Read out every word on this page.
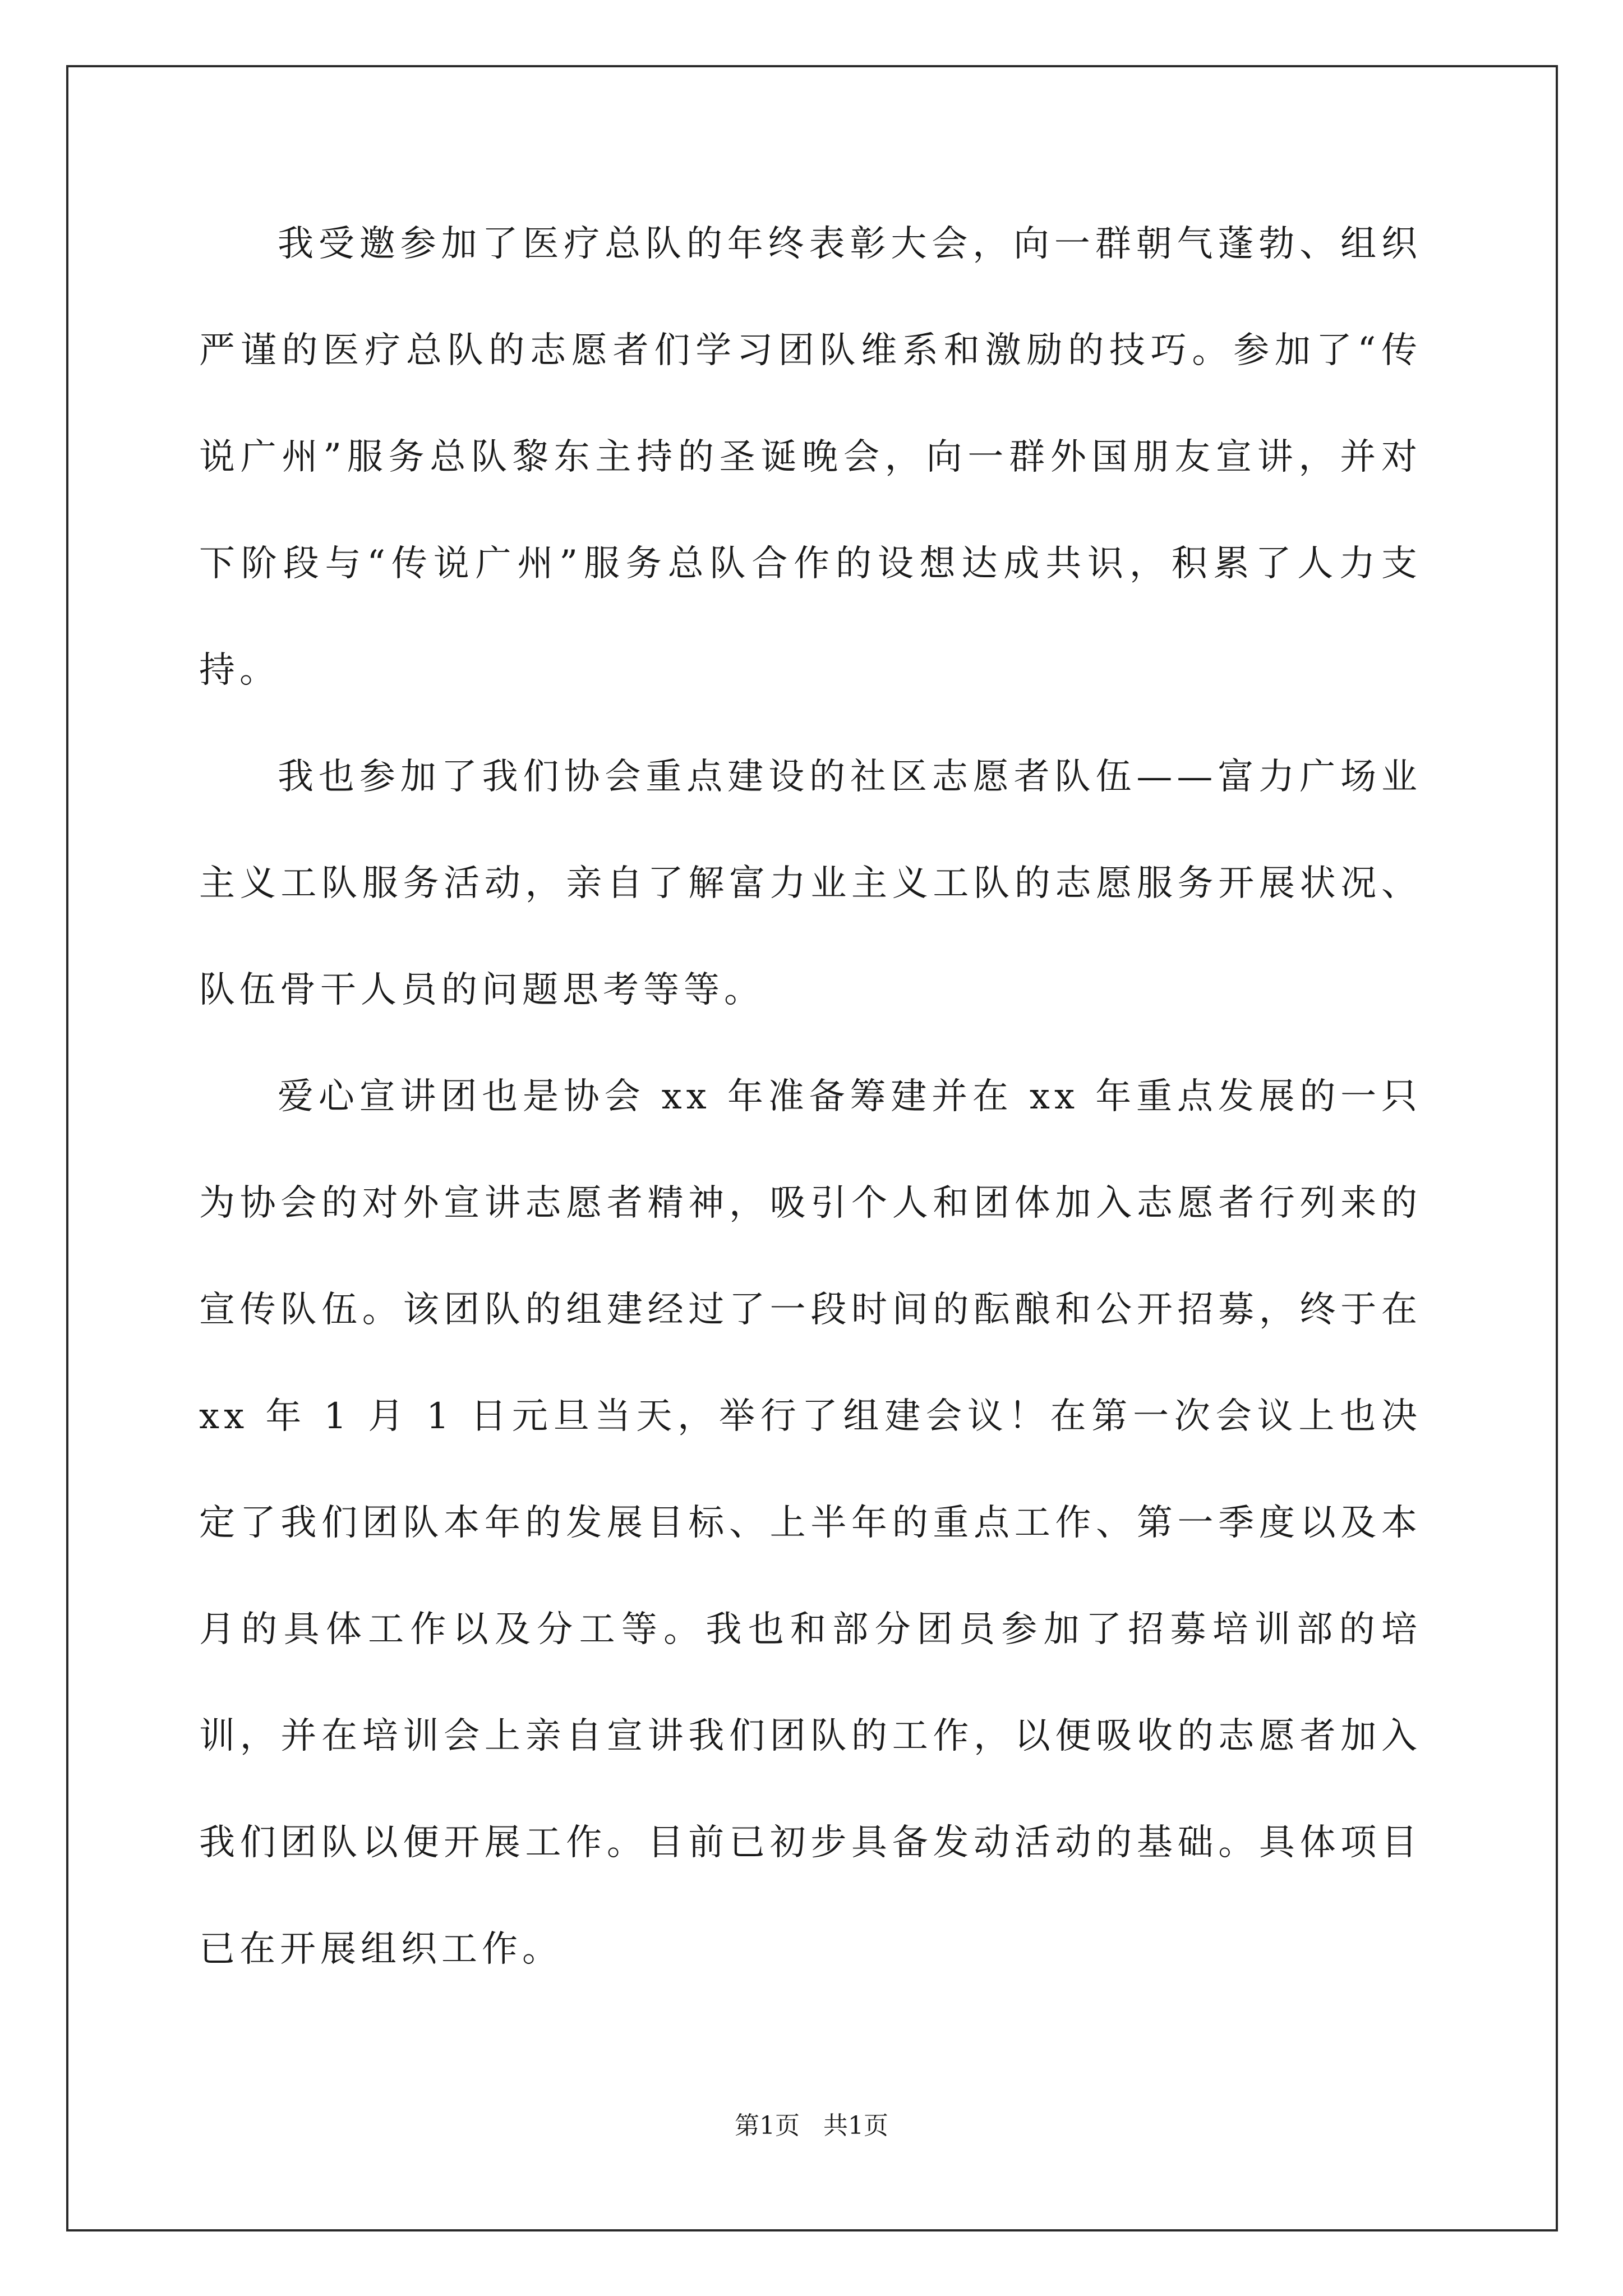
我受邀参加了医疗总队的年终表彰大会，向一群朝气蓬勃、组织严谨的医疗总队的志愿者们学习团队维系和激励的技巧。参加了“传说广州”服务总队黎东主持的圣诞晚会，向一群外国朋友宣讲，并对下阶段与“传说广州”服务总队合作的设想达成共识，积累了人力支持。

我也参加了我们协会重点建设的社区志愿者队伍——富力广场业主义工队服务活动，亲自了解富力业主义工队的志愿服务开展状况、队伍骨干人员的问题思考等等。

爱心宣讲团也是协会 xx 年准备筹建并在 xx 年重点发展的一只为协会的对外宣讲志愿者精神，吸引个人和团体加入志愿者行列来的宣传队伍。该团队的组建经过了一段时间的酝酿和公开招募，终于在 xx 年 1 月 1 日元旦当天，举行了组建会议！在第一次会议上也决定了我们团队本年的发展目标、上半年的重点工作、第一季度以及本月的具体工作以及分工等。我也和部分团员参加了招募培训部的培训，并在培训会上亲自宣讲我们团队的工作，以便吸收的志愿者加入我们团队以便开展工作。目前已初步具备发动活动的基础。具体项目已在开展组织工作。

第1页   共1页
